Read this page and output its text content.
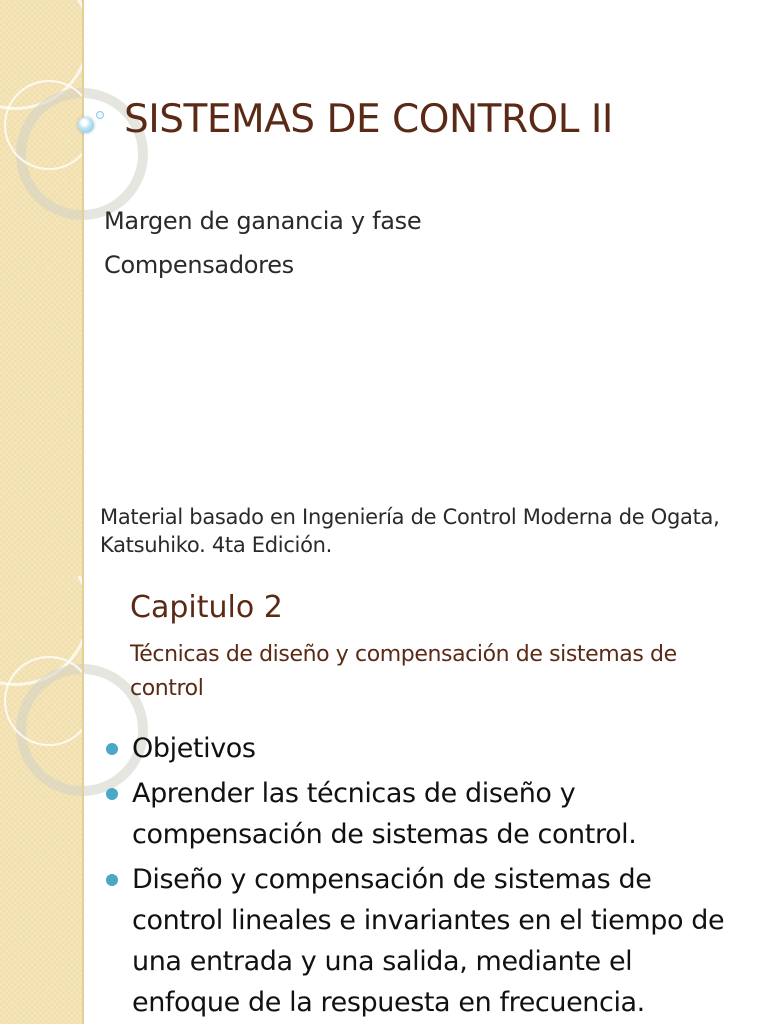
SISTEMAS DE CONTROL II
Margen de ganancia y fase
Compensadores
Material basado en Ingeniería de Control Moderna de Ogata, Katsuhiko. 4ta Edición.
Capitulo 2
Técnicas de diseño y compensación de sistemas de control
Objetivos
Aprender las técnicas de diseño y compensación de sistemas de control.
Diseño y compensación de sistemas de control lineales e invariantes en el tiempo de una entrada y una salida, mediante el enfoque de la respuesta en frecuencia.
